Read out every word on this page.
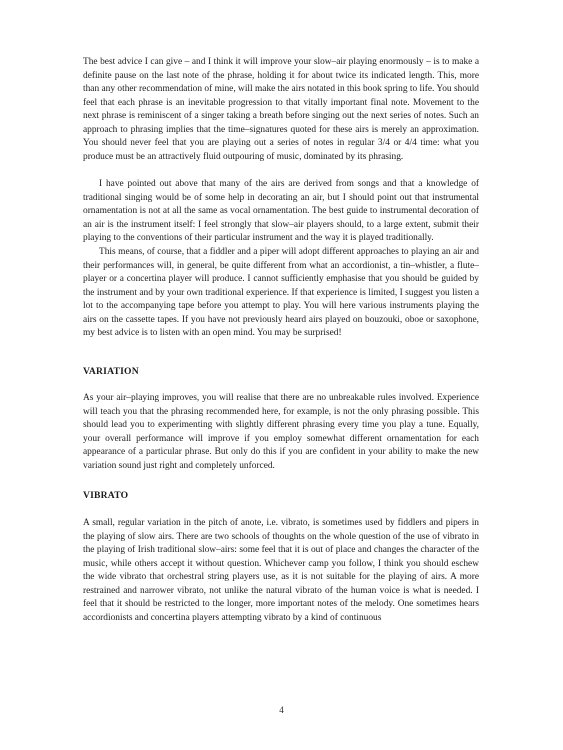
The best advice I can give – and I think it will improve your slow–air playing enormously – is to make a definite pause on the last note of the phrase, holding it for about twice its indicated length. This, more than any other recommendation of mine, will make the airs notated in this book spring to life. You should feel that each phrase is an inevitable progression to that vitally important final note. Movement to the next phrase is reminiscent of a singer taking a breath before singing out the next series of notes. Such an approach to phrasing implies that the time–signatures quoted for these airs is merely an approximation. You should never feel that you are playing out a series of notes in regular 3/4 or 4/4 time: what you produce must be an attractively fluid outpouring of music, dominated by its phrasing.

I have pointed out above that many of the airs are derived from songs and that a knowledge of traditional singing would be of some help in decorating an air, but I should point out that instrumental ornamentation is not at all the same as vocal ornamentation. The best guide to instrumental decoration of an air is the instrument itself: I feel strongly that slow–air players should, to a large extent, submit their playing to the conventions of their particular instrument and the way it is played traditionally.

This means, of course, that a fiddler and a piper will adopt different approaches to playing an air and their performances will, in general, be quite different from what an accordionist, a tin–whistler, a flute–player or a concertina player will produce. I cannot sufficiently emphasise that you should be guided by the instrument and by your own traditional experience. If that experience is limited, I suggest you listen a lot to the accompanying tape before you attempt to play. You will here various instruments playing the airs on the cassette tapes. If you have not previously heard airs played on bouzouki, oboe or saxophone, my best advice is to listen with an open mind. You may be surprised!

VARIATION

As your air–playing improves, you will realise that there are no unbreakable rules involved. Experience will teach you that the phrasing recommended here, for example, is not the only phrasing possible. This should lead you to experimenting with slightly different phrasing every time you play a tune. Equally, your overall performance will improve if you employ somewhat different ornamentation for each appearance of a particular phrase. But only do this if you are confident in your ability to make the new variation sound just right and completely unforced.

VIBRATO

A small, regular variation in the pitch of anote, i.e. vibrato, is sometimes used by fiddlers and pipers in the playing of slow airs. There are two schools of thoughts on the whole question of the use of vibrato in the playing of Irish traditional slow–airs: some feel that it is out of place and changes the character of the music, while others accept it without question. Whichever camp you follow, I think you should eschew the wide vibrato that orchestral string players use, as it is not suitable for the playing of airs. A more restrained and narrower vibrato, not unlike the natural vibrato of the human voice is what is needed. I feel that it should be restricted to the longer, more important notes of the melody. One sometimes hears accordionists and concertina players attempting vibrato by a kind of continuous

4
